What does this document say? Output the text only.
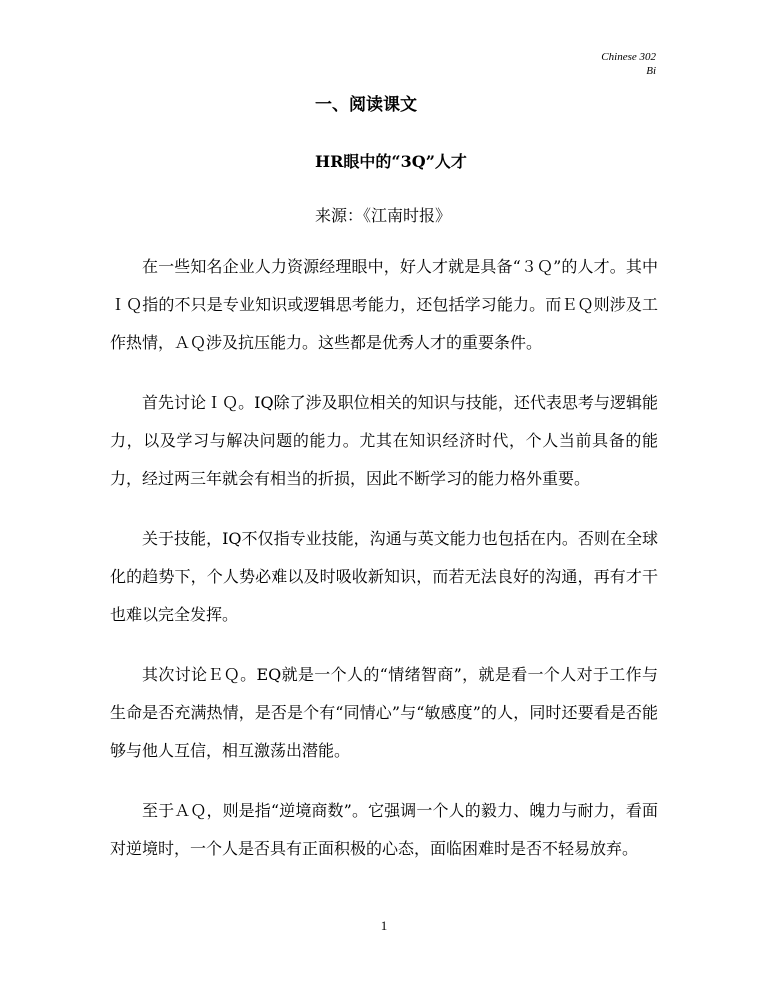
Chinese 302
Bi
一、阅读课文
HR眼中的“3Q”人才
来源：《江南时报》

在一些知名企业人力资源经理眼中，好人才就是具备“３Ｑ”的人才。其中ＩＱ指的不只是专业知识或逻辑思考能力，还包括学习能力。而ＥＱ则涉及工作热情，ＡＱ涉及抗压能力。这些都是优秀人才的重要条件。

首先讨论ＩＱ。IQ除了涉及职位相关的知识与技能，还代表思考与逻辑能力，以及学习与解决问题的能力。尤其在知识经济时代，个人当前具备的能力，经过两三年就会有相当的折损，因此不断学习的能力格外重要。

关于技能，IQ不仅指专业技能，沟通与英文能力也包括在内。否则在全球化的趋势下，个人势必难以及时吸收新知识，而若无法良好的沟通，再有才干也难以完全发挥。

其次讨论ＥＱ。EQ就是一个人的“情绪智商”，就是看一个人对于工作与生命是否充满热情，是否是个有“同情心”与“敏感度”的人，同时还要看是否能够与他人互信，相互激荡出潜能。

至于ＡＱ，则是指“逆境商数”。它强调一个人的毅力、魄力与耐力，看面对逆境时，一个人是否具有正面积极的心态，面临困难时是否不轻易放弃。

1
